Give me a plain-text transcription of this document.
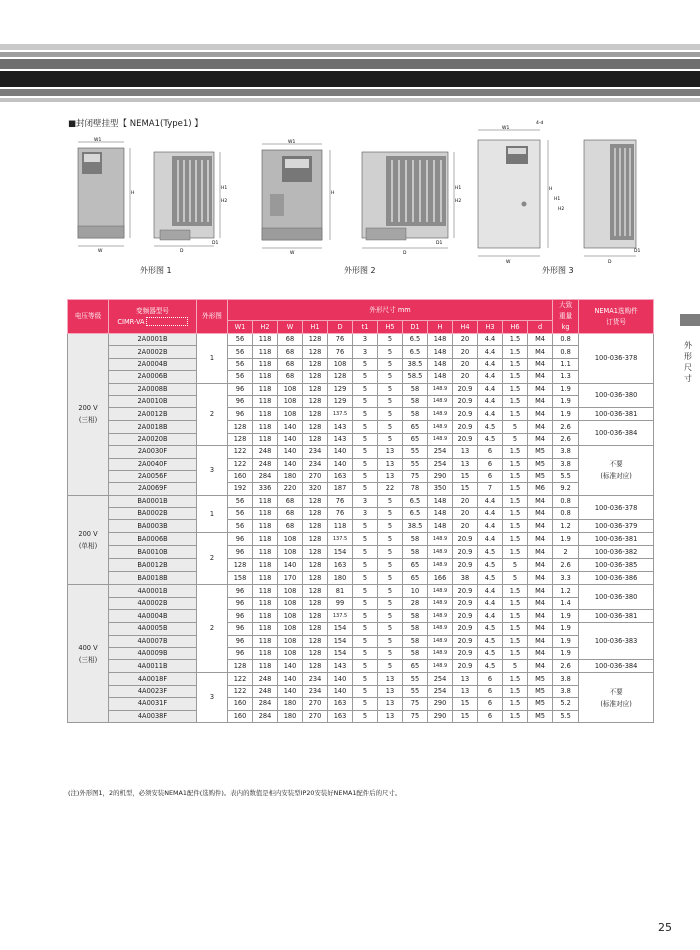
■封闭壁挂型【 NEMA1(Type1) 】
W1
W
H
D
D1
H1
H2
外形图 1
W1
W
H
D
D1
H1
H2
外形图 2
W1
4-d
W
H
H1
H2
D
D1
外形图 3
外形尺寸
电压等级	变频器型号
CIMR-VA	外形图	外形尺寸 mm													大致
重量
kg	NEMA1选购件
订货号
			W1	H2	W	H1	D	t1	H5	D1	H	H4	H3	H6	d		
200 V
(三相)	2A0001B	1	56	118	68	128	76	3	5	6.5	148	20	4.4	1.5	M4	0.8	100-036-378
	2A0002B		56	118	68	128	76	3	5	6.5	148	20	4.4	1.5	M4	0.8	
	2A0004B		56	118	68	128	108	5	5	38.5	148	20	4.4	1.5	M4	1.1	
	2A0006B		56	118	68	128	128	5	5	58.5	148	20	4.4	1.5	M4	1.3	
	2A0008B	2	96	118	108	128	129	5	5	58	148.9	20.9	4.4	1.5	M4	1.9	100-036-380
	2A0010B		96	118	108	128	129	5	5	58	148.9	20.9	4.4	1.5	M4	1.9	
	2A0012B		96	118	108	128	137.5	5	5	58	148.9	20.9	4.4	1.5	M4	1.9	100-036-381
	2A0018B		128	118	140	128	143	5	5	65	148.9	20.9	4.5	5	M4	2.6	100-036-384
	2A0020B		128	118	140	128	143	5	5	65	148.9	20.9	4.5	5	M4	2.6	
	2A0030F	3	122	248	140	234	140	5	13	55	254	13	6	1.5	M5	3.8	不要
(标准对应)
	2A0040F		122	248	140	234	140	5	13	55	254	13	6	1.5	M5	3.8	
	2A0056F		160	284	180	270	163	5	13	75	290	15	6	1.5	M5	5.5	
	2A0069F		192	336	220	320	187	5	22	78	350	15	7	1.5	M6	9.2	
200 V
(单相)	BA0001B	1	56	118	68	128	76	3	5	6.5	148	20	4.4	1.5	M4	0.8	100-036-378
	BA0002B		56	118	68	128	76	3	5	6.5	148	20	4.4	1.5	M4	0.8	
	BA0003B		56	118	68	128	118	5	5	38.5	148	20	4.4	1.5	M4	1.2	100-036-379
	BA0006B	2	96	118	108	128	137.5	5	5	58	148.9	20.9	4.4	1.5	M4	1.9	100-036-381
	BA0010B		96	118	108	128	154	5	5	58	148.9	20.9	4.5	1.5	M4	2	100-036-382
	BA0012B		128	118	140	128	163	5	5	65	148.9	20.9	4.5	5	M4	2.6	100-036-385
	BA0018B		158	118	170	128	180	5	5	65	166	38	4.5	5	M4	3.3	100-036-386
400 V
(三相)	4A0001B	2	96	118	108	128	81	5	5	10	148.9	20.9	4.4	1.5	M4	1.2	100-036-380
	4A0002B		96	118	108	128	99	5	5	28	148.9	20.9	4.4	1.5	M4	1.4	
	4A0004B		96	118	108	128	137.5	5	5	58	148.9	20.9	4.4	1.5	M4	1.9	100-036-381
	4A0005B		96	118	108	128	154	5	5	58	148.9	20.9	4.5	1.5	M4	1.9	100-036-383
	4A0007B		96	118	108	128	154	5	5	58	148.9	20.9	4.5	1.5	M4	1.9	
	4A0009B		96	118	108	128	154	5	5	58	148.9	20.9	4.5	1.5	M4	1.9	
	4A0011B		128	118	140	128	143	5	5	65	148.9	20.9	4.5	5	M4	2.6	100-036-384
	4A0018F	3	122	248	140	234	140	5	13	55	254	13	6	1.5	M5	3.8	不要
(标准对应)
	4A0023F		122	248	140	234	140	5	13	55	254	13	6	1.5	M5	3.8	
	4A0031F		160	284	180	270	163	5	13	75	290	15	6	1.5	M5	5.2	
	4A0038F		160	284	180	270	163	5	13	75	290	15	6	1.5	M5	5.5	
(注)外形图1，2的机型，必须安装NEMA1配件(选购件)。表内的数值是柜内安装型IP20安装好NEMA1配件后的尺寸。
25
